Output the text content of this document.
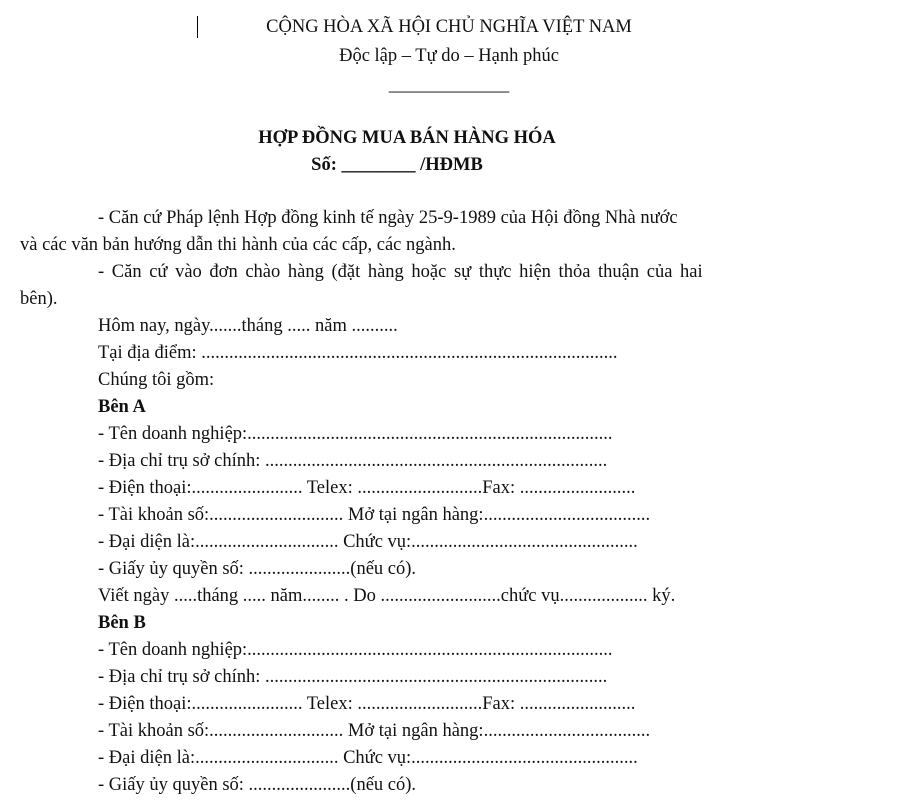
CỘNG HÒA XÃ HỘI CHỦ NGHĨA VIỆT NAM
Độc lập – Tự do – Hạnh phúc
_____________
HỢP ĐỒNG MUA BÁN HÀNG HÓA
Số: ________ /HĐMB
- Căn cứ Pháp lệnh Hợp đồng kinh tế ngày 25-9-1989 của Hội đồng Nhà nước
và các văn bản hướng dẫn thi hành của các cấp, các ngành.
- Căn cứ vào đơn chào hàng (đặt hàng hoặc sự thực hiện thỏa thuận của hai
bên).
Hôm nay, ngày.......tháng ..... năm ..........
Tại địa điểm: ..........................................................................................
Chúng tôi gồm:
Bên A
- Tên doanh nghiệp:...............................................................................
- Địa chỉ trụ sở chính: ..........................................................................
- Điện thoại:........................ Telex: ...........................Fax: .........................
- Tài khoản số:............................. Mở tại ngân hàng:....................................
- Đại diện là:............................... Chức vụ:.................................................
- Giấy ủy quyền số: ......................(nếu có).
Viết ngày .....tháng ..... năm........ . Do ..........................chức vụ................... ký.
Bên B
- Tên doanh nghiệp:...............................................................................
- Địa chỉ trụ sở chính: ..........................................................................
- Điện thoại:........................ Telex: ...........................Fax: .........................
- Tài khoản số:............................. Mở tại ngân hàng:....................................
- Đại diện là:............................... Chức vụ:.................................................
- Giấy ủy quyền số: ......................(nếu có).
